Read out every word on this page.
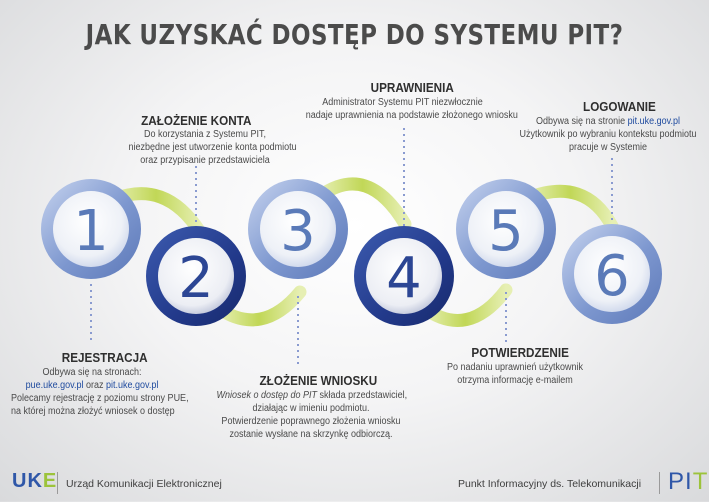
JAK UZYSKAĆ DOSTĘP DO SYSTEMU PIT?
1
2
3
4
5
6
ZAŁOŻENIE KONTA
Do korzystania z Systemu PIT,
niezbędne jest utworzenie konta podmiotu
oraz przypisanie przedstawiciela
UPRAWNIENIA
Administrator Systemu PIT niezwłocznie
nadaje uprawnienia na podstawie złożonego wniosku
LOGOWANIE
Odbywa się na stronie pit.uke.gov.pl
Użytkownik po wybraniu kontekstu podmiotu
pracuje w Systemie
REJESTRACJA
Odbywa się na stronach:
pue.uke.gov.pl oraz pit.uke.gov.pl
Polecamy rejestrację z poziomu strony PUE,
na której można złożyć wniosek o dostęp
ZŁOŻENIE WNIOSKU
Wniosek o dostęp do PIT składa przedstawiciel,
działając w imieniu podmiotu.
Potwierdzenie poprawnego złożenia wniosku
zostanie wysłane na skrzynkę odbiorczą.
POTWIERDZENIE
Po nadaniu uprawnień użytkownik
otrzyma informację e-mailem
UKE Urząd Komunikacji Elektronicznej	Punkt Informacyjny ds. Telekomunikacji PIT
